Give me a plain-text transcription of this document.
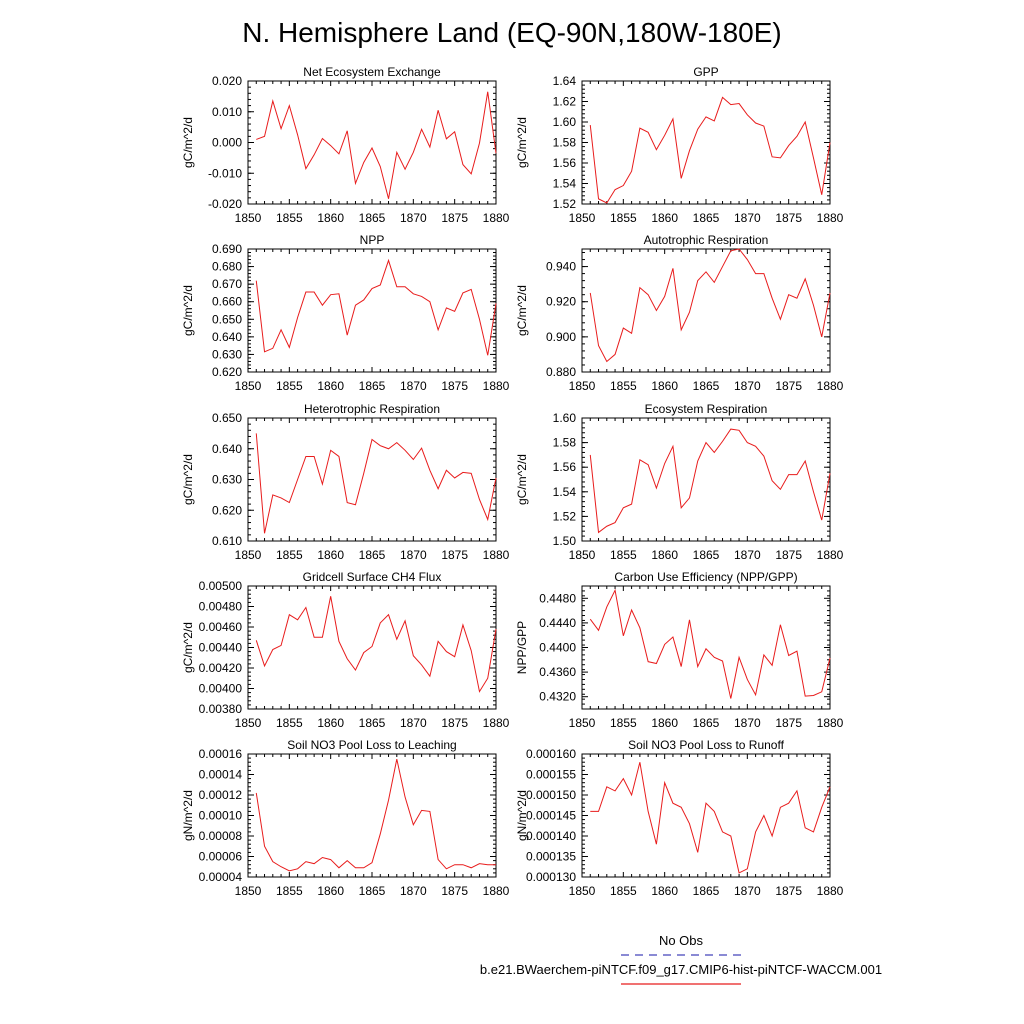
N. Hemisphere Land (EQ-90N,180W-180E)
Net Ecosystem Exchange
gC/m^2/d
1850 1855 1860 1865 1870 1875 1880
-0.020
-0.010
0.000
0.010
0.020
GPP
gC/m^2/d
1850 1855 1860 1865 1870 1875 1880
1.52
1.54
1.56
1.58
1.60
1.62
1.64
NPP
gC/m^2/d
1850 1855 1860 1865 1870 1875 1880
0.620
0.630
0.640
0.650
0.660
0.670
0.680
0.690
Autotrophic Respiration
gC/m^2/d
1850 1855 1860 1865 1870 1875 1880
0.880
0.900
0.920
0.940
Heterotrophic Respiration
gC/m^2/d
1850 1855 1860 1865 1870 1875 1880
0.610
0.620
0.630
0.640
0.650
Ecosystem Respiration
gC/m^2/d
1850 1855 1860 1865 1870 1875 1880
1.50
1.52
1.54
1.56
1.58
1.60
Gridcell Surface CH4 Flux
gC/m^2/d
1850 1855 1860 1865 1870 1875 1880
0.00380
0.00400
0.00420
0.00440
0.00460
0.00480
0.00500
Carbon Use Efficiency (NPP/GPP)
NPP/GPP
1850 1855 1860 1865 1870 1875 1880
0.4320
0.4360
0.4400
0.4440
0.4480
Soil NO3 Pool Loss to Leaching
gN/m^2/d
1850 1855 1860 1865 1870 1875 1880
0.00004
0.00006
0.00008
0.00010
0.00012
0.00014
0.00016
Soil NO3 Pool Loss to Runoff
gN/m^2/d
1850 1855 1860 1865 1870 1875 1880
0.000130
0.000135
0.000140
0.000145
0.000150
0.000155
0.000160
No Obs
b.e21.BWaerchem-piNTCF.f09_g17.CMIP6-hist-piNTCF-WACCM.001
